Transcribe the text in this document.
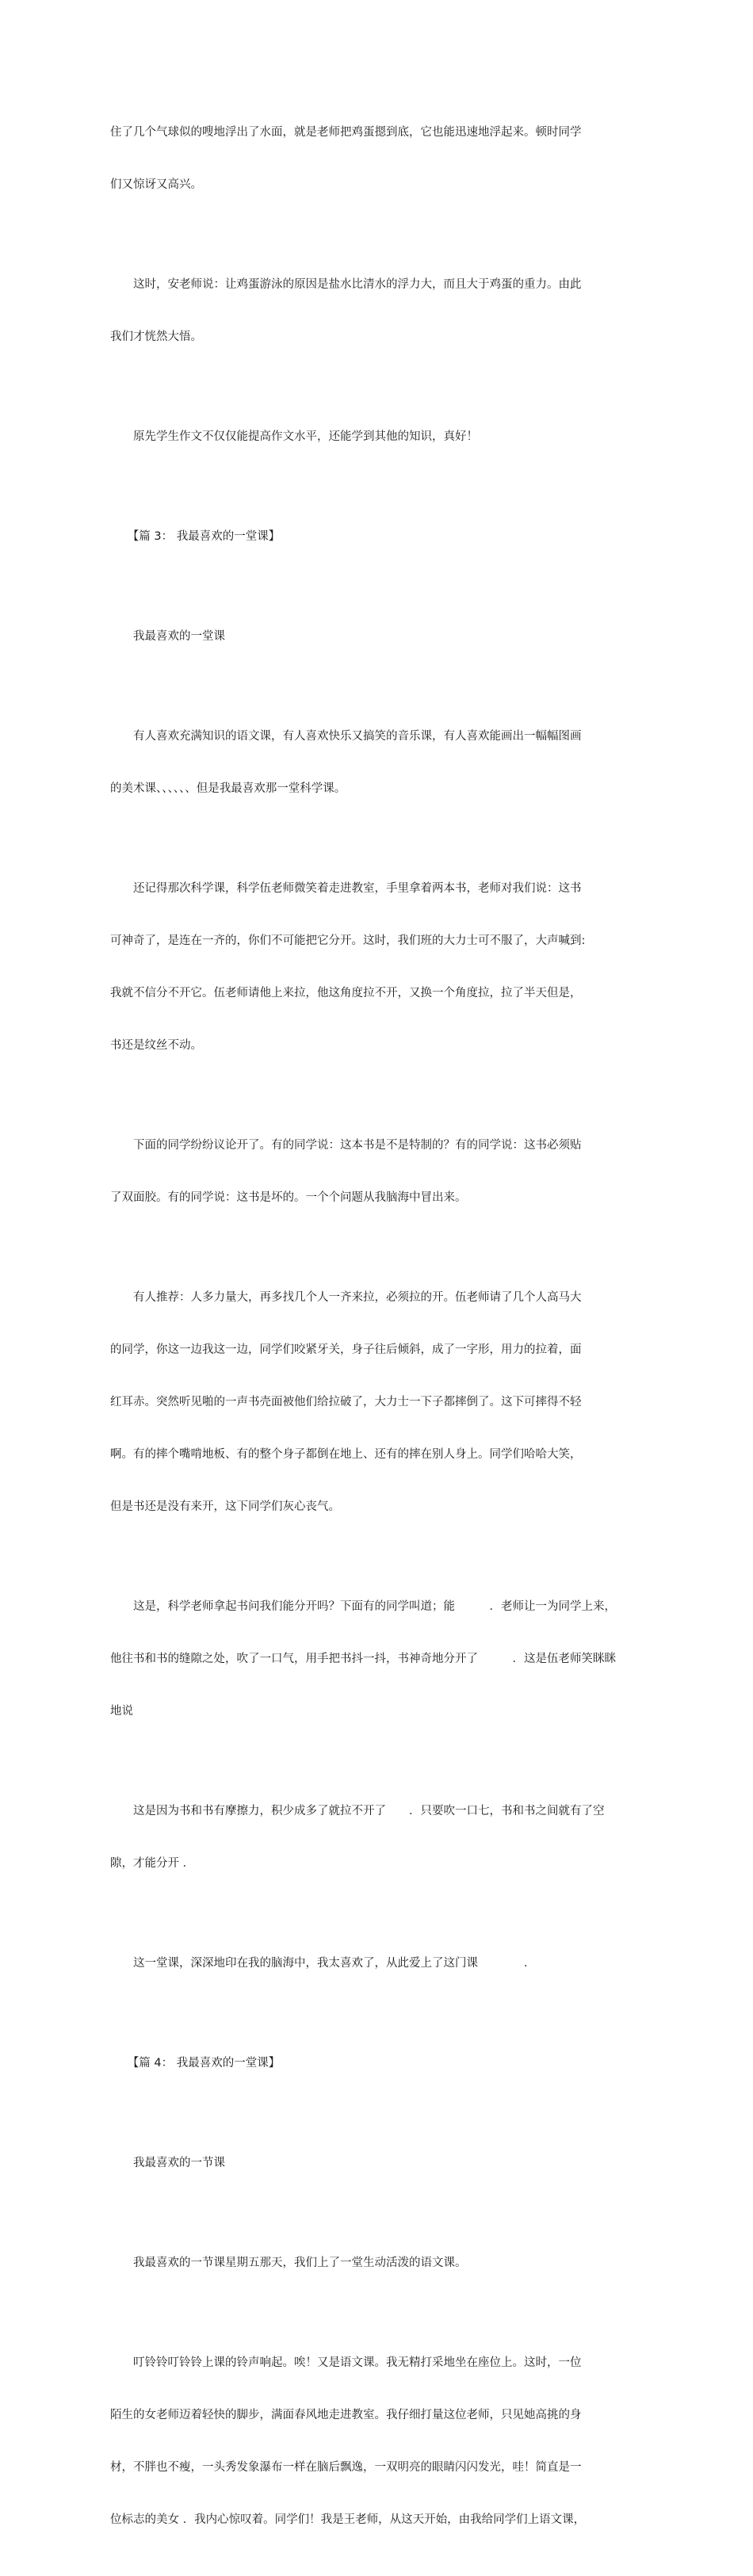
住了几个气球似的嗖地浮出了水面，就是老师把鸡蛋摁到底，它也能迅速地浮起来。顿时同学

们又惊讶又高兴。

　　这时，安老师说：让鸡蛋游泳的原因是盐水比清水的浮力大，而且大于鸡蛋的重力。由此

我们才恍然大悟。

　　原先学生作文不仅仅能提高作文水平，还能学到其他的知识，真好！

　　【篇 3： 我最喜欢的一堂课】

　　我最喜欢的一堂课

　　有人喜欢充满知识的语文课，有人喜欢快乐又搞笑的音乐课，有人喜欢能画出一幅幅图画

的美术课、、、、、、但是我最喜欢那一堂科学课。

　　还记得那次科学课，科学伍老师微笑着走进教室，手里拿着两本书，老师对我们说：这书

可神奇了，是连在一齐的，你们不可能把它分开。这时，我们班的大力士可不服了，大声喊到:

我就不信分不开它。伍老师请他上来拉，他这角度拉不开，又换一个角度拉，拉了半天但是，

书还是纹丝不动。

　　下面的同学纷纷议论开了。有的同学说：这本书是不是特制的？有的同学说：这书必须贴

了双面胶。有的同学说：这书是坏的。一个个问题从我脑海中冒出来。

　　有人推荐：人多力量大，再多找几个人一齐来拉，必须拉的开。伍老师请了几个人高马大

的同学，你这一边我这一边，同学们咬紧牙关，身子往后倾斜，成了一字形，用力的拉着，面

红耳赤。突然听见啪的一声书壳面被他们给拉破了，大力士一下子都摔倒了。这下可摔得不轻

啊。有的摔个嘴啃地板、有的整个身子都倒在地上、还有的摔在别人身上。同学们哈哈大笑，

但是书还是没有来开，这下同学们灰心丧气。

　　这是，科学老师拿起书问我们能分开吗？下面有的同学叫道；能　　　．老师让一为同学上来，

他往书和书的缝隙之处，吹了一口气，用手把书抖一抖，书神奇地分开了　　　．这是伍老师笑眯眯

地说

　　这是因为书和书有摩擦力，积少成多了就拉不开了　　．只要吹一口七，书和书之间就有了空

隙，才能分开 ．

　　这一堂课，深深地印在我的脑海中，我太喜欢了，从此爱上了这门课　　　　．

　　【篇 4： 我最喜欢的一堂课】

　　我最喜欢的一节课

　　我最喜欢的一节课星期五那天，我们上了一堂生动活泼的语文课。

　　叮铃铃叮铃铃上课的铃声响起。唉！又是语文课。我无精打采地坐在座位上。这时，一位

陌生的女老师迈着轻快的脚步，满面春风地走进教室。我仔细打量这位老师，只见她高挑的身

材，不胖也不瘦，一头秀发象瀑布一样在脑后飘逸，一双明亮的眼睛闪闪发光，哇！简直是一

位标志的美女 ．我内心惊叹着。同学们！我是王老师，从这天开始，由我给同学们上语文课，
